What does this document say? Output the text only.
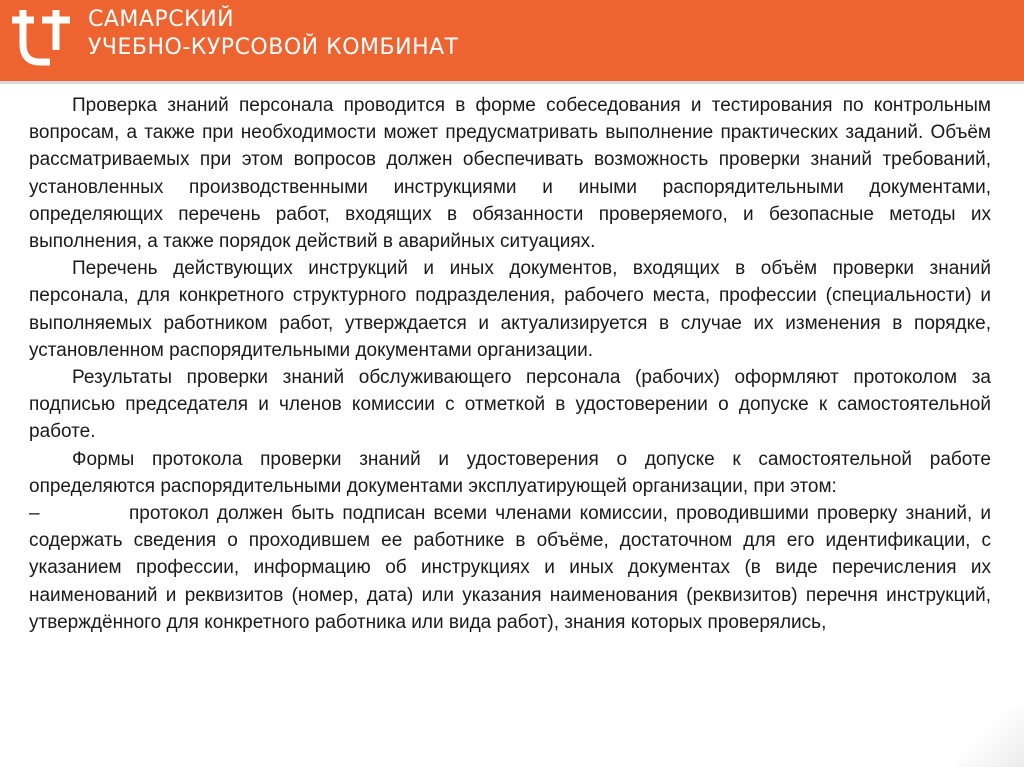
САМАРСКИЙ
УЧЕБНО-КУРСОВОЙ КОМБИНАТ

Проверка знаний персонала проводится в форме собеседования и тестирования по контрольным вопросам, а также при необходимости может предусматривать выполнение практических заданий. Объём рассматриваемых при этом вопросов должен обеспечивать возможность проверки знаний требований, установленных производственными инструкциями и иными распорядительными документами, определяющих перечень работ, входящих в обязанности проверяемого, и безопасные методы их выполнения, а также порядок действий в аварийных ситуациях.

Перечень действующих инструкций и иных документов, входящих в объём проверки знаний персонала, для конкретного структурного подразделения, рабочего места, профессии (специальности) и выполняемых работником работ, утверждается и актуализируется в случае их изменения в порядке, установленном распорядительными документами организации.

Результаты проверки знаний обслуживающего персонала (рабочих) оформляют протоколом за подписью председателя и членов комиссии с отметкой в удостоверении о допуске к самостоятельной работе.

Формы протокола проверки знаний и удостоверения о допуске к самостоятельной работе определяются распорядительными документами эксплуатирующей организации, при этом:

–	протокол должен быть подписан всеми членами комиссии, проводившими проверку знаний, и содержать сведения о проходившем ее работнике в объёме, достаточном для его идентификации, с указанием профессии, информацию об инструкциях и иных документах (в виде перечисления их наименований и реквизитов (номер, дата) или указания наименования (реквизитов) перечня инструкций, утверждённого для конкретного работника или вида работ), знания которых проверялись,
